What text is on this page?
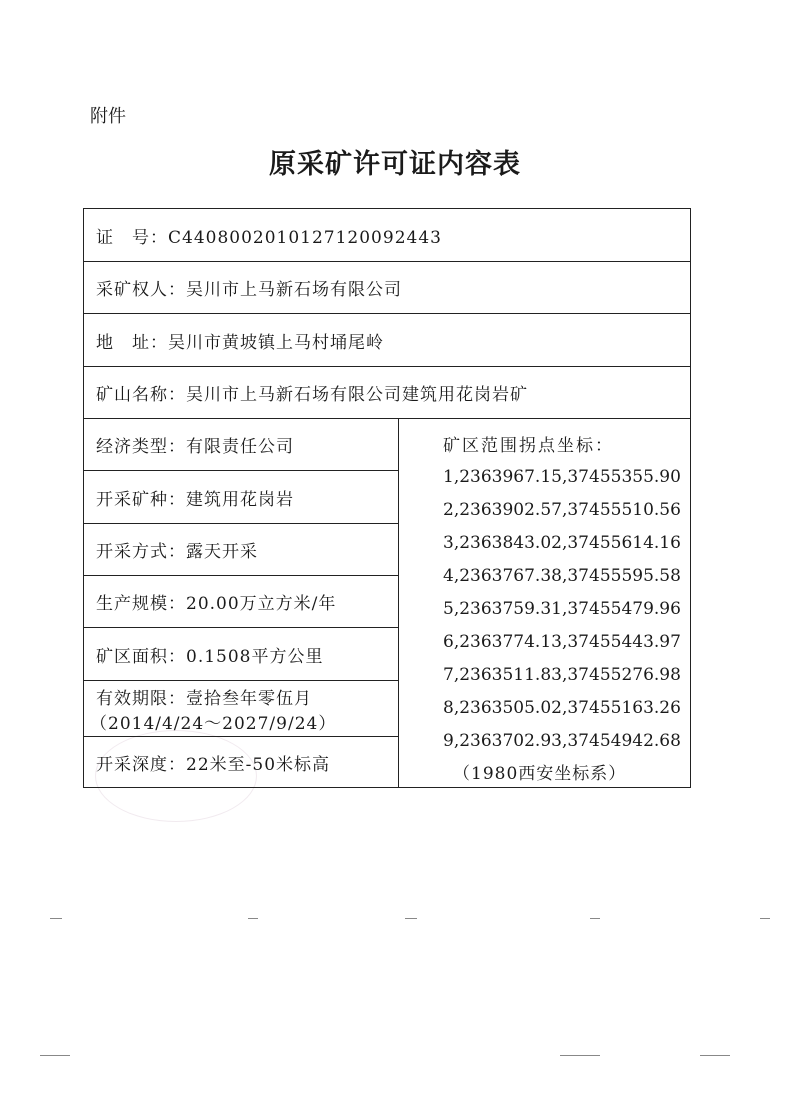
附件
原采矿许可证内容表
证　号：C4408002010127120092443
采矿权人：吴川市上马新石场有限公司
地　址：吴川市黄坡镇上马村埇尾岭
矿山名称：吴川市上马新石场有限公司建筑用花岗岩矿
经济类型：有限责任公司
开采矿种：建筑用花岗岩
开采方式：露天开采
生产规模：20.00万立方米/年
矿区面积：0.1508平方公里
有效期限：壹拾叁年零伍月
（2014/4/24～2027/9/24）
开采深度：22米至-50米标高
矿区范围拐点坐标：
1,2363967.15,37455355.90
2,2363902.57,37455510.56
3,2363843.02,37455614.16
4,2363767.38,37455595.58
5,2363759.31,37455479.96
6,2363774.13,37455443.97
7,2363511.83,37455276.98
8,2363505.02,37455163.26
9,2363702.93,37454942.68
（1980西安坐标系）
